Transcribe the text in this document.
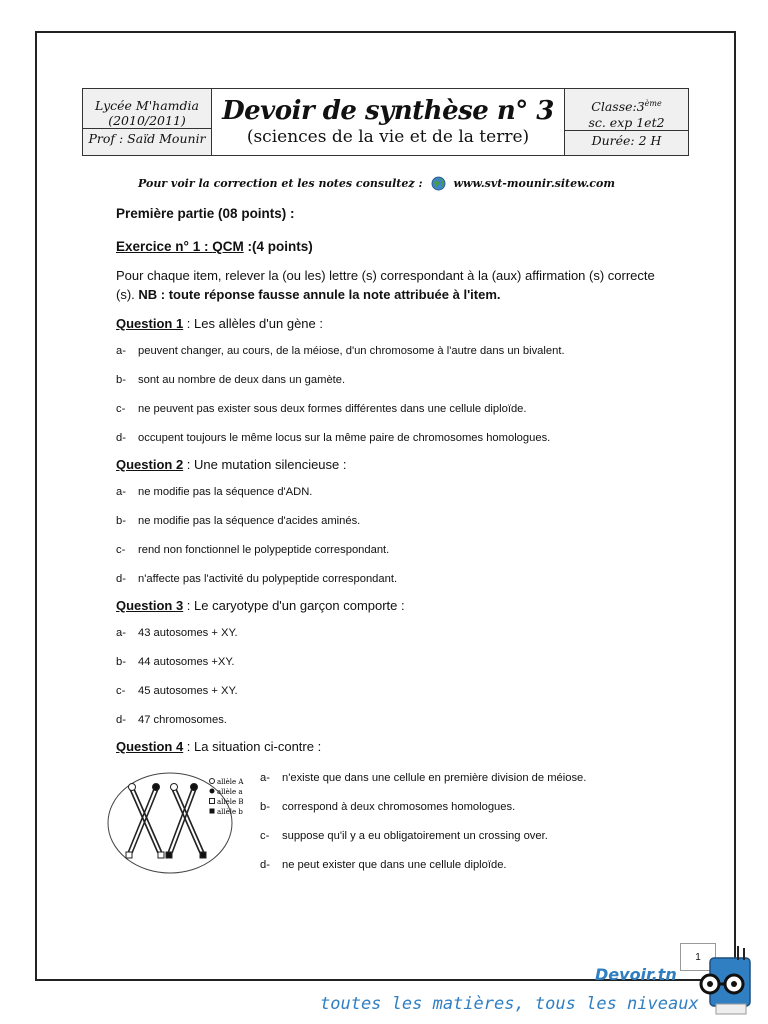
Lycée M'hamdia
(2010/2011)
Prof : Saïd Mounir

Devoir de synthèse n° 3
(sciences de la vie et de la terre)

Classe:3ème
sc. exp 1et2
Durée: 2 H
Pour voir la correction et les notes consultez :	www.svt-mounir.sitew.com
Première partie (08 points) :
Exercice n° 1 : QCM :(4 points)
Pour chaque item, relever la (ou les) lettre (s) correspondant à la (aux) affirmation (s) correcte (s). NB : toute réponse fausse annule la note attribuée à l'item.
Question 1 : Les allèles d'un gène :
a-	peuvent changer, au cours, de la méiose, d'un chromosome à l'autre dans un bivalent.
b-	sont au nombre de deux dans un gamète.
c-	ne peuvent pas exister sous deux formes différentes dans une cellule diploïde.
d-	occupent toujours le même locus sur la même paire de chromosomes homologues.
Question 2 : Une mutation silencieuse :
a-	ne modifie pas la séquence d'ADN.
b-	ne modifie pas la séquence d'acides aminés.
c-	rend non fonctionnel le polypeptide correspondant.
d-	n'affecte pas l'activité du polypeptide correspondant.
Question 3 : Le caryotype d'un garçon comporte :
a-	43 autosomes + XY.
b-	44 autosomes +XY.
c-	45 autosomes + XY.
d-	47 chromosomes.
Question 4 : La situation ci-contre :
allèle A
allèle a
allèle B
allèle b
a-	n'existe que dans une cellule en première division de méiose.
b-	correspond à deux chromosomes homologues.
c-	suppose qu'il y a eu obligatoirement un crossing over.
d-	ne peut exister que dans une cellule diploïde.
1
Devoir.tn
toutes les matières, tous les niveaux
